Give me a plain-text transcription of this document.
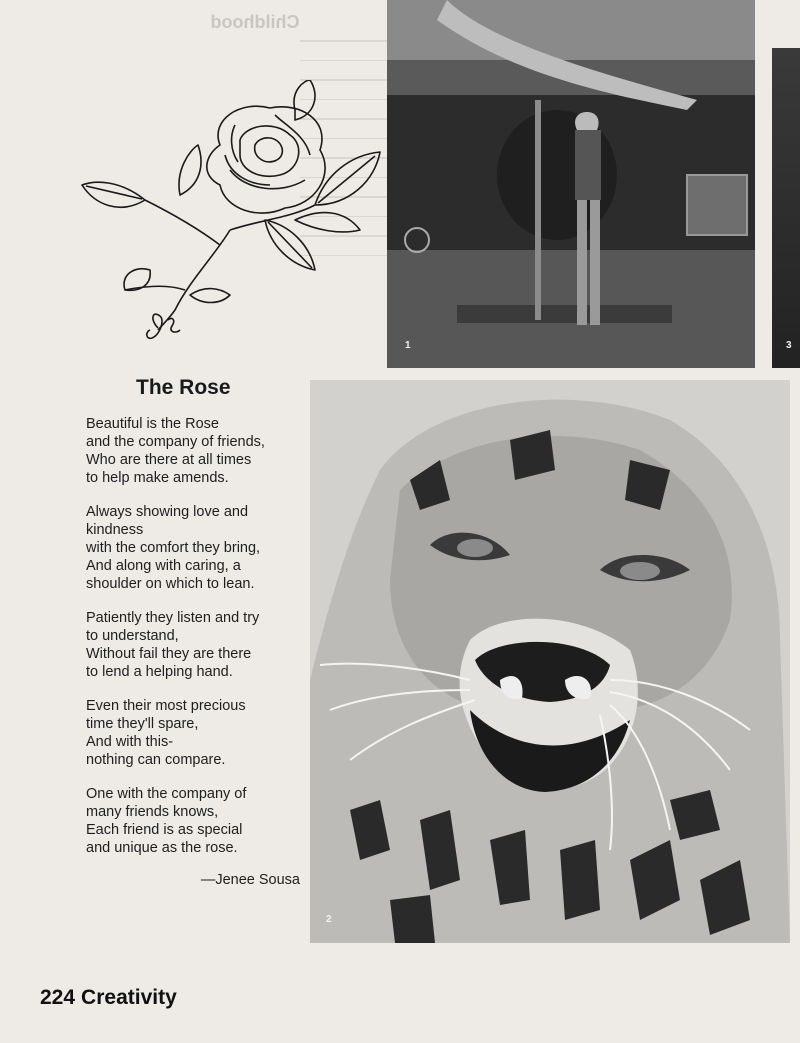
Childhood
The Rose
Beautiful is the Rose
and the company of friends,
Who are there at all times
to help make amends.
Always showing love and
kindness
with the comfort they bring,
And along with caring, a
shoulder on which to lean.
Patiently they listen and try
to understand,
Without fail they are there
to lend a helping hand.
Even their most precious
time they'll spare,
And with this-
nothing can compare.
One with the company of
many friends knows,
Each friend is as special
and unique as the rose.
—Jenee Sousa
1	3
2
224 Creativity
